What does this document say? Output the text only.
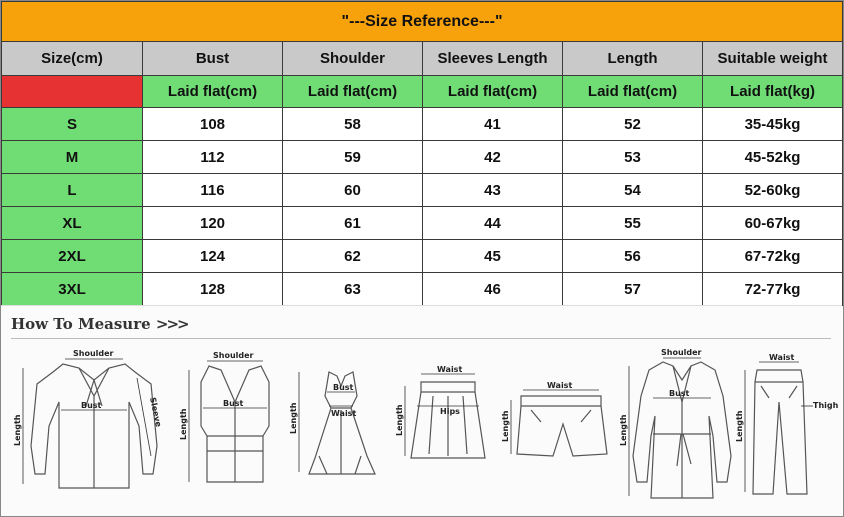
"---Size Reference---"					
Size(cm)	Bust	Shoulder	Sleeves Length	Length	Suitable weight
	Laid flat(cm)	Laid flat(cm)	Laid flat(cm)	Laid flat(cm)	Laid flat(kg)
S	108	58	41	52	35-45kg
M	112	59	42	53	45-52kg
L	116	60	43	54	52-60kg
XL	120	61	44	55	60-67kg
2XL	124	62	45	56	67-72kg
3XL	128	63	46	57	72-77kg
How To Measure >>>
Shoulder
Bust
Length
Sleeve
Shoulder
Bust
Length
Bust
Waist
Length
Waist
Hips
Length
Waist
Length
Shoulder
Bust
Length
Waist
Thigh
Length
